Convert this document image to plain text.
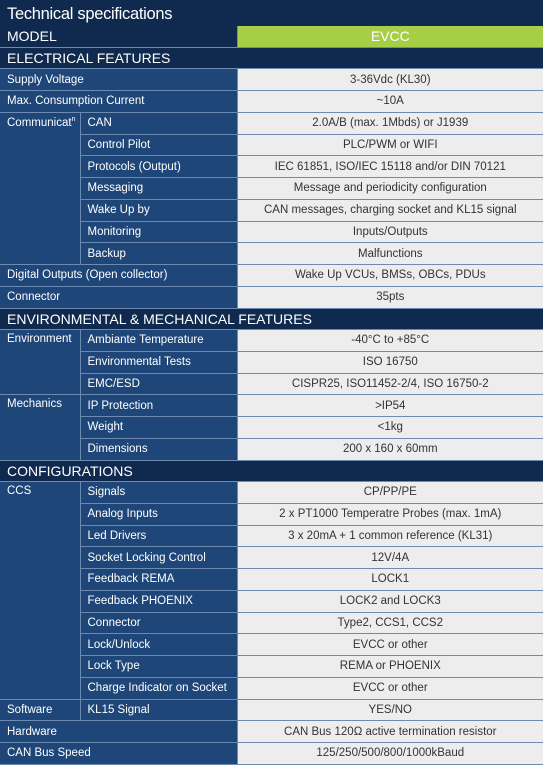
Technical specifications
MODEL		EVCC
ELECTRICAL FEATURES		
Supply Voltage		3-36Vdc (KL30)
Max. Consumption Current		~10A
Communicat$^n$	CAN	2.0A/B (max. 1Mbds) or J1939
	Control Pilot	PLC/PWM or WIFI
	Protocols (Output)	IEC 61851, ISO/IEC 15118 and/or DIN 70121
	Messaging	Message and periodicity configuration
	Wake Up by	CAN messages, charging socket and KL15 signal
	Monitoring	Inputs/Outputs
	Backup	Malfunctions
Digital Outputs (Open collector)		Wake Up VCUs, BMSs, OBCs, PDUs
Connector		35pts
ENVIRONMENTAL & MECHANICAL FEATURES		
Environment	Ambiante Temperature	-40°C to +85°C
	Environmental Tests	ISO 16750
	EMC/ESD	CISPR25, ISO11452-2/4, ISO 16750-2
Mechanics	IP Protection	>IP54
	Weight	<1kg
	Dimensions	200 x 160 x 60mm
CONFIGURATIONS		
CCS	Signals	CP/PP/PE
	Analog Inputs	2 x PT1000 Temperatre Probes (max. 1mA)
	Led Drivers	3 x 20mA + 1 common reference (KL31)
	Socket Locking Control	12V/4A
	Feedback REMA	LOCK1
	Feedback PHOENIX	LOCK2 and LOCK3
	Connector	Type2, CCS1, CCS2
	Lock/Unlock	EVCC or other
	Lock Type	REMA or PHOENIX
	Charge Indicator on Socket	EVCC or other
Software	KL15 Signal	YES/NO
Hardware		CAN Bus 120Ω active termination resistor
CAN Bus Speed		125/250/500/800/1000kBaud
